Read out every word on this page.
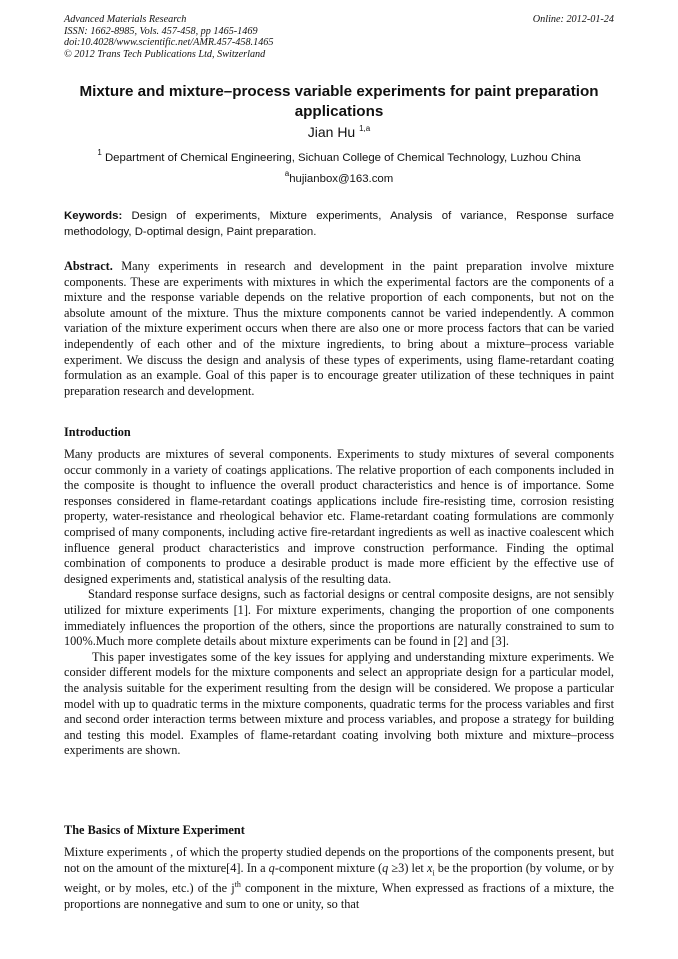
Advanced Materials Research
ISSN: 1662-8985, Vols. 457-458, pp 1465-1469
doi:10.4028/www.scientific.net/AMR.457-458.1465
© 2012 Trans Tech Publications Ltd, Switzerland
Online: 2012-01-24
Mixture and mixture–process variable experiments for paint preparation applications
Jian Hu $^{1,a}$
$^1$ Department of Chemical Engineering, Sichuan College of Chemical Technology, Luzhou China
$^a$hujianbox@163.com
Keywords: Design of experiments, Mixture experiments, Analysis of variance, Response surface methodology, D-optimal design, Paint preparation.
Abstract. Many experiments in research and development in the paint preparation involve mixture components. These are experiments with mixtures in which the experimental factors are the components of a mixture and the response variable depends on the relative proportion of each components, but not on the absolute amount of the mixture. Thus the mixture components cannot be varied independently. A common variation of the mixture experiment occurs when there are also one or more process factors that can be varied independently of each other and of the mixture ingredients, to bring about a mixture–process variable experiment. We discuss the design and analysis of these types of experiments, using flame-retardant coating formulation as an example. Goal of this paper is to encourage greater utilization of these techniques in paint preparation research and development.
Introduction

Many products are mixtures of several components. Experiments to study mixtures of several components occur commonly in a variety of coatings applications. The relative proportion of each components included in the composite is thought to influence the overall product characteristics and hence is of importance. Some responses considered in flame-retardant coatings applications include fire-resisting time, corrosion resisting property, water-resistance and rheological behavior etc. Flame-retardant coating formulations are commonly comprised of many components, including active fire-retardant ingredients as well as inactive coalescent which influence general product characteristics and improve construction performance. Finding the optimal combination of components to produce a desirable product is made more efficient by the effective use of designed experiments and, statistical analysis of the resulting data.

Standard response surface designs, such as factorial designs or central composite designs, are not sensibly utilized for mixture experiments [1]. For mixture experiments, changing the proportion of one components immediately influences the proportion of the others, since the proportions are naturally constrained to sum to 100%.Much more complete details about mixture experiments can be found in [2] and [3].

This paper investigates some of the key issues for applying and understanding mixture experiments. We consider different models for the mixture components and select an appropriate design for a particular model, the analysis suitable for the experiment resulting from the design will be considered. We propose a particular model with up to quadratic terms in the mixture components, quadratic terms for the process variables and first and second order interaction terms between mixture and process variables, and propose a strategy for building and testing this model. Examples of flame-retardant coating involving both mixture and mixture–process experiments are shown.

The Basics of Mixture Experiment
Mixture experiments , of which the property studied depends on the proportions of the components present, but not on the amount of the mixture[4]. In a q-component mixture (q ≥3) let $x_i$ be the proportion (by volume, or by weight, or by moles, etc.) of the $j^{th}$ component in the mixture, When expressed as fractions of a mixture, the proportions are nonnegative and sum to one or unity, so that
